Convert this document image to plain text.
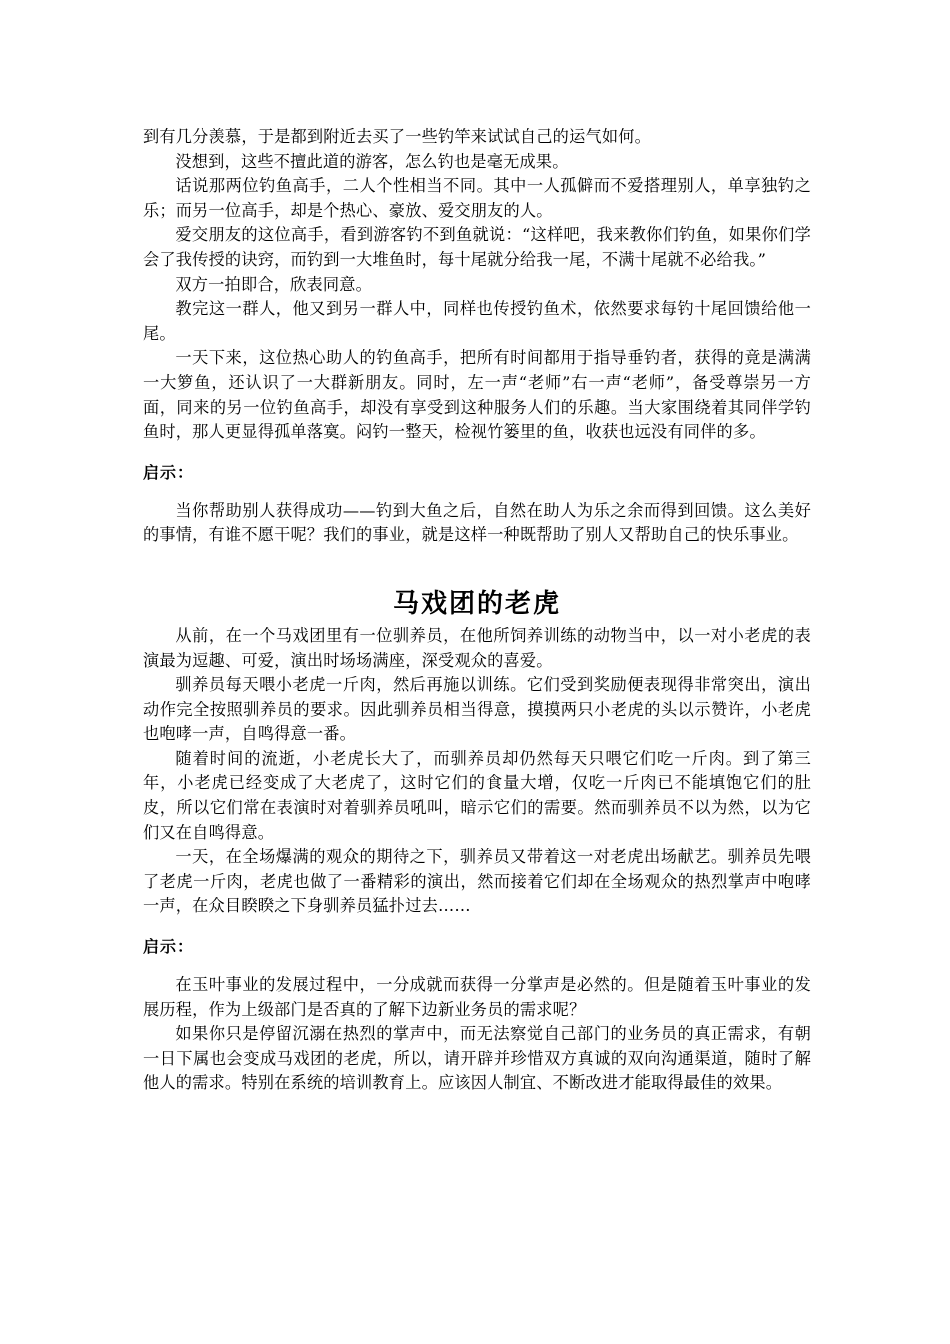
到有几分羡慕，于是都到附近去买了一些钓竿来试试自己的运气如何。

没想到，这些不擅此道的游客，怎么钓也是毫无成果。

话说那两位钓鱼高手，二人个性相当不同。其中一人孤僻而不爱搭理别人，单享独钓之乐；而另一位高手，却是个热心、豪放、爱交朋友的人。

爱交朋友的这位高手，看到游客钓不到鱼就说：“这样吧，我来教你们钓鱼，如果你们学会了我传授的诀窍，而钓到一大堆鱼时，每十尾就分给我一尾，不满十尾就不必给我。”

双方一拍即合，欣表同意。

教完这一群人，他又到另一群人中，同样也传授钓鱼术，依然要求每钓十尾回馈给他一尾。

一天下来，这位热心助人的钓鱼高手，把所有时间都用于指导垂钓者，获得的竟是满满一大箩鱼，还认识了一大群新朋友。同时，左一声“老师”右一声“老师”，备受尊崇另一方面，同来的另一位钓鱼高手，却没有享受到这种服务人们的乐趣。当大家围绕着其同伴学钓鱼时，那人更显得孤单落寞。闷钓一整天，检视竹篓里的鱼，收获也远没有同伴的多。

启示：

当你帮助别人获得成功——钓到大鱼之后，自然在助人为乐之余而得到回馈。这么美好的事情，有谁不愿干呢？我们的事业，就是这样一种既帮助了别人又帮助自己的快乐事业。

马戏团的老虎

从前，在一个马戏团里有一位驯养员，在他所饲养训练的动物当中，以一对小老虎的表演最为逗趣、可爱，演出时场场满座，深受观众的喜爱。

驯养员每天喂小老虎一斤肉，然后再施以训练。它们受到奖励便表现得非常突出，演出动作完全按照驯养员的要求。因此驯养员相当得意，摸摸两只小老虎的头以示赞许，小老虎也咆哮一声，自鸣得意一番。

随着时间的流逝，小老虎长大了，而驯养员却仍然每天只喂它们吃一斤肉。到了第三年，小老虎已经变成了大老虎了，这时它们的食量大增，仅吃一斤肉已不能填饱它们的肚皮，所以它们常在表演时对着驯养员吼叫，暗示它们的需要。然而驯养员不以为然，以为它们又在自鸣得意。

一天，在全场爆满的观众的期待之下，驯养员又带着这一对老虎出场献艺。驯养员先喂了老虎一斤肉，老虎也做了一番精彩的演出，然而接着它们却在全场观众的热烈掌声中咆哮一声，在众目睽睽之下身驯养员猛扑过去……

启示：

在玉叶事业的发展过程中，一分成就而获得一分掌声是必然的。但是随着玉叶事业的发展历程，作为上级部门是否真的了解下边新业务员的需求呢？

如果你只是停留沉溺在热烈的掌声中，而无法察觉自己部门的业务员的真正需求，有朝一日下属也会变成马戏团的老虎，所以，请开辟并珍惜双方真诚的双向沟通渠道，随时了解他人的需求。特别在系统的培训教育上。应该因人制宜、不断改进才能取得最佳的效果。
